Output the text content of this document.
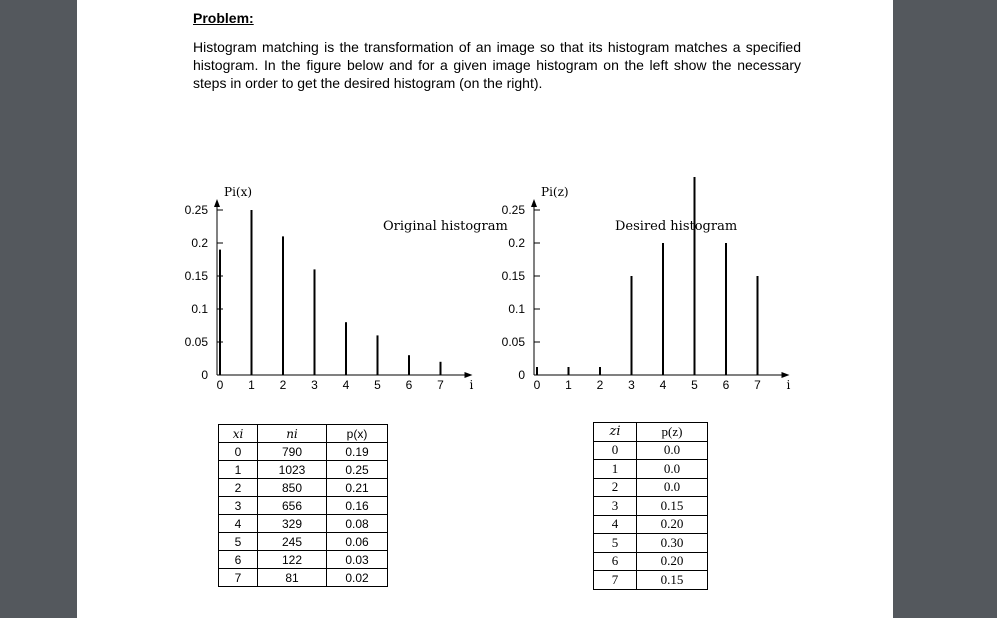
Problem:

Histogram matching is the transformation of an image so that its histogram matches a specified histogram. In the figure below and for a given image histogram on the left show the necessary steps in order to get the desired histogram (on the right).

0
0.05
0.1
0.15
0.2
0.25
Pi(x)
Original histogram
0 1 2 3 4 5 6 7 i
0
0.05
0.1
0.15
0.2
0.25
Pi(z)
Desired histogram
0 1 2 3 4 5 6 7 i
xi	ni	p(x)
0	790	0.19
1	1023	0.25
2	850	0.21
3	656	0.16
4	329	0.08
5	245	0.06
6	122	0.03
7	81	0.02
zi	p(z)
0	0.0
1	0.0
2	0.0
3	0.15
4	0.20
5	0.30
6	0.20
7	0.15
